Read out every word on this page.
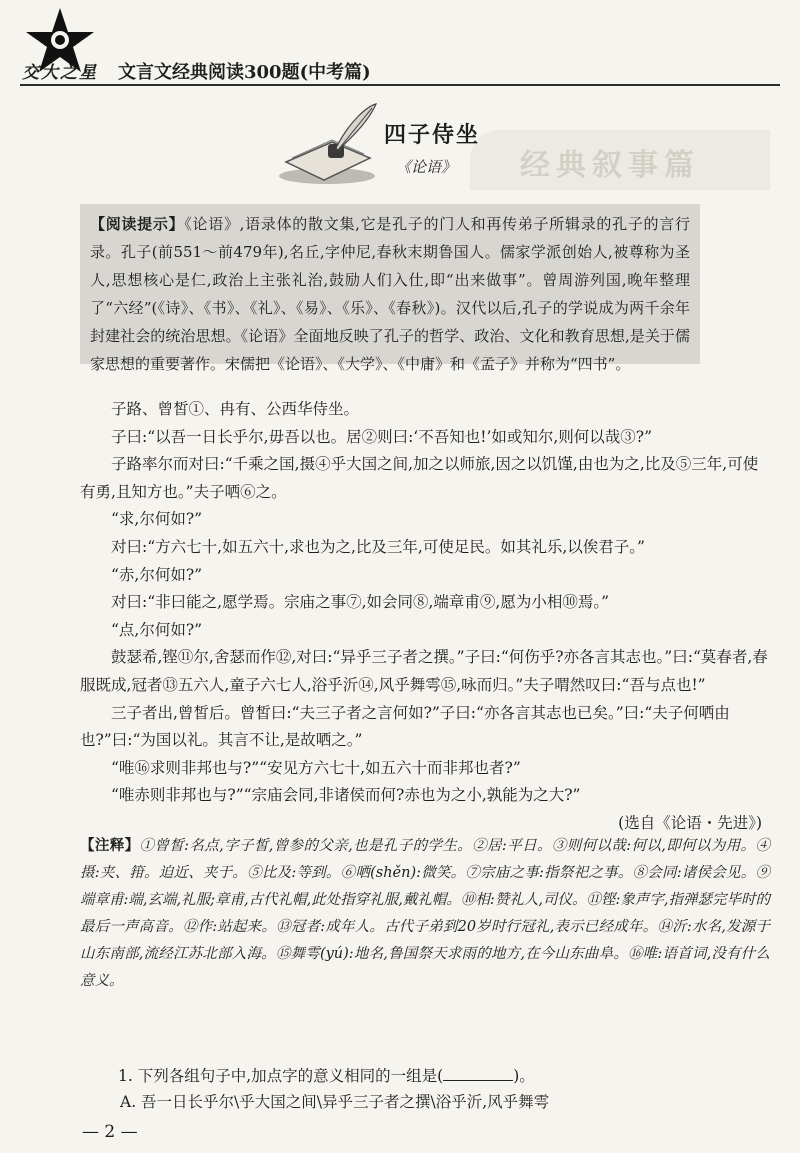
交大之星 文言文经典阅读300题(中考篇)
经典叙事篇
四子侍坐
《论语》
【阅读提示】《论语》,语录体的散文集,它是孔子的门人和再传弟子所辑录的孔子的言行录。孔子(前551～前479年),名丘,字仲尼,春秋末期鲁国人。儒家学派创始人,被尊称为圣人,思想核心是仁,政治上主张礼治,鼓励人们入仕,即“出来做事”。曾周游列国,晚年整理了“六经”(《诗》、《书》、《礼》、《易》、《乐》、《春秋》)。汉代以后,孔子的学说成为两千余年封建社会的统治思想。《论语》全面地反映了孔子的哲学、政治、文化和教育思想,是关于儒家思想的重要著作。宋儒把《论语》、《大学》、《中庸》和《孟子》并称为“四书”。

子路、曾皙①、冉有、公西华侍坐。

子曰:“以吾一日长乎尔,毋吾以也。居②则曰:‘不吾知也!’如或知尔,则何以哉③?”

子路率尔而对曰:“千乘之国,摄④乎大国之间,加之以师旅,因之以饥馑,由也为之,比及⑤三年,可使有勇,且知方也。”夫子哂⑥之。

“求,尔何如?”

对曰:“方六七十,如五六十,求也为之,比及三年,可使足民。如其礼乐,以俟君子。”

“赤,尔何如?”

对曰:“非曰能之,愿学焉。宗庙之事⑦,如会同⑧,端章甫⑨,愿为小相⑩焉。”

“点,尔何如?”

鼓瑟希,铿⑪尔,舍瑟而作⑫,对曰:“异乎三子者之撰。”子曰:“何伤乎?亦各言其志也。”曰:“莫春者,春服既成,冠者⑬五六人,童子六七人,浴乎沂⑭,风乎舞雩⑮,咏而归。”夫子喟然叹曰:“吾与点也!”

三子者出,曾皙后。曾皙曰:“夫三子者之言何如?”子曰:“亦各言其志也已矣。”曰:“夫子何哂由也?”曰:“为国以礼。其言不让,是故哂之。”

“唯⑯求则非邦也与?”“安见方六七十,如五六十而非邦也者?”

“唯赤则非邦也与?”“宗庙会同,非诸侯而何?赤也为之小,孰能为之大?”

(选自《论语・先进》)

【注释】①曾皙:名点,字子皙,曾参的父亲,也是孔子的学生。②居:平日。③则何以哉:何以,即何以为用。④摄:夹、箝。迫近、夹于。⑤比及:等到。⑥哂(shěn):微笑。⑦宗庙之事:指祭祀之事。⑧会同:诸侯会见。⑨端章甫:端,玄端,礼服;章甫,古代礼帽,此处指穿礼服,戴礼帽。⑩相:赞礼人,司仪。⑪铿:象声字,指弹瑟完毕时的最后一声高音。⑫作:站起来。⑬冠者:成年人。古代子弟到20岁时行冠礼,表示已经成年。⑭沂:水名,发源于山东南部,流经江苏北部入海。⑮舞雩(yú):地名,鲁国祭天求雨的地方,在今山东曲阜。⑯唯:语首词,没有什么意义。
1. 下列各组句子中,加点字的意义相同的一组是(	)。
A. 吾一日长乎尔\乎大国之间\异乎三子者之撰\浴乎沂,风乎舞雩
— 2 —
